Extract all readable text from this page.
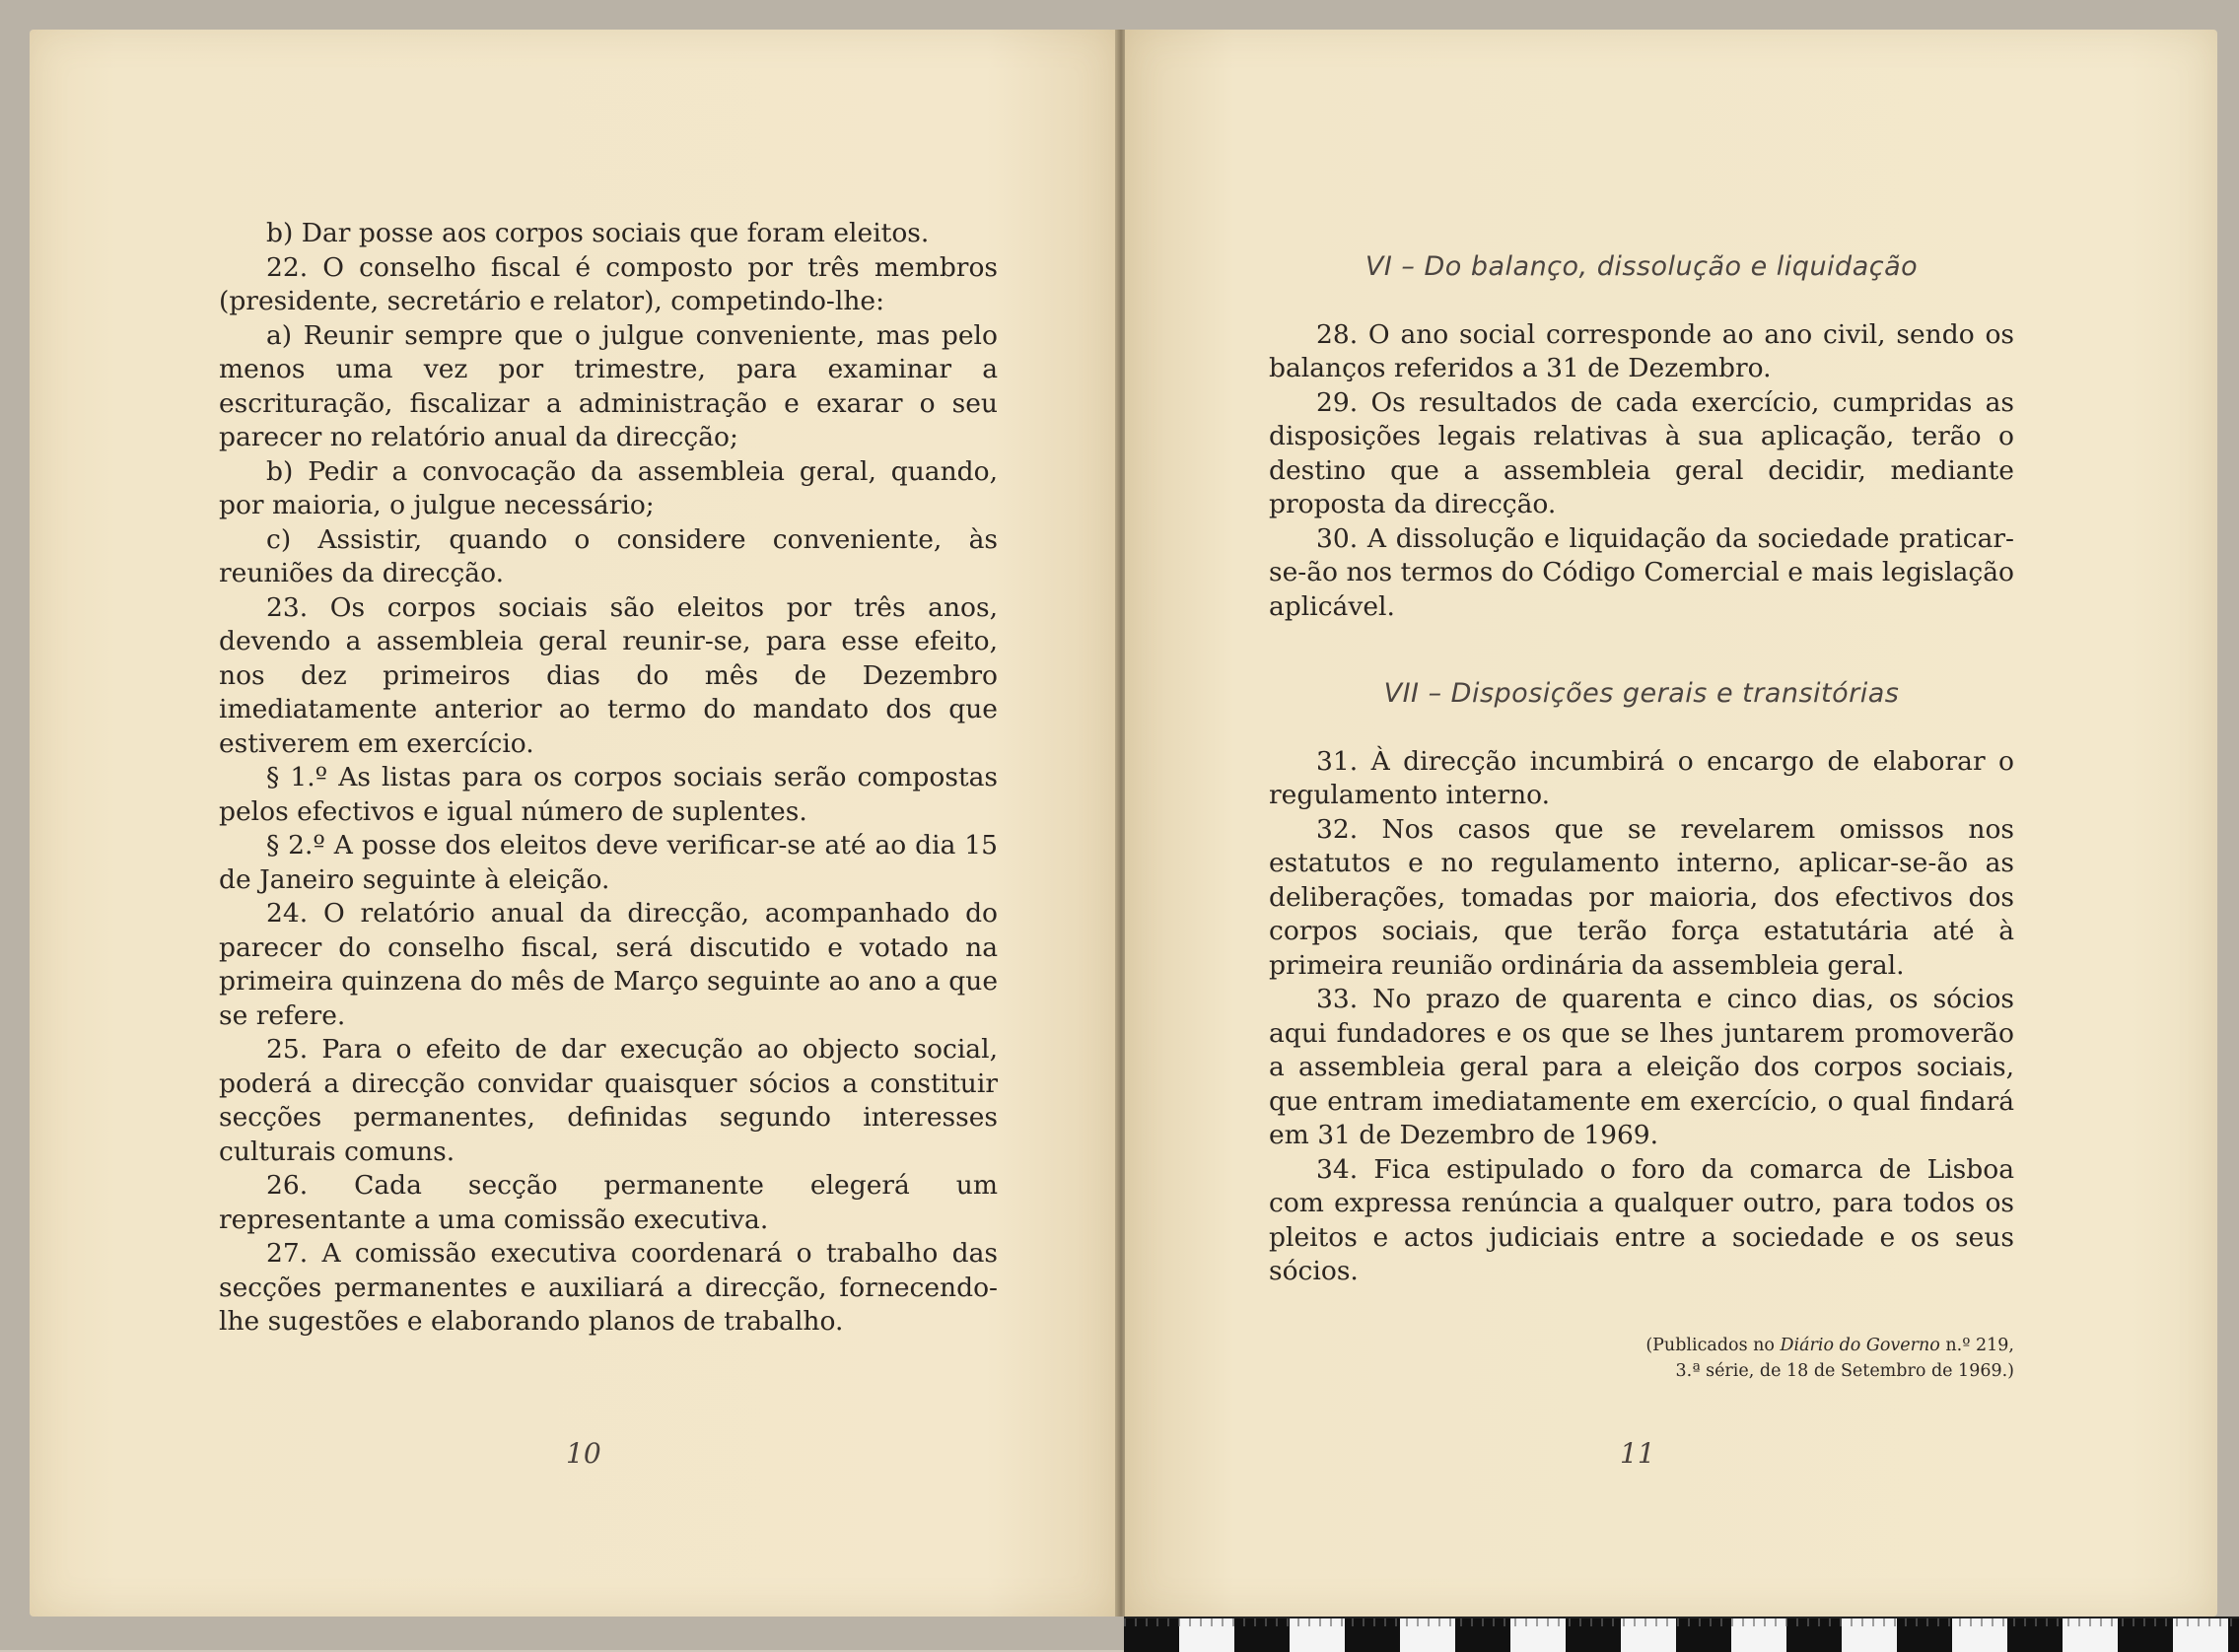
b) Dar posse aos corpos sociais que foram eleitos.

22. O conselho fiscal é composto por três membros (presidente, secretário e relator), competindo-lhe:

a) Reunir sempre que o julgue conveniente, mas pelo menos uma vez por trimestre, para examinar a escrituração, fiscalizar a administração e exarar o seu parecer no relatório anual da direcção;

b) Pedir a convocação da assembleia geral, quando, por maioria, o julgue necessário;

c) Assistir, quando o considere conveniente, às reuniões da direcção.

23. Os corpos sociais são eleitos por três anos, devendo a assembleia geral reunir-se, para esse efeito, nos dez primeiros dias do mês de Dezembro imediatamente anterior ao termo do mandato dos que estiverem em exercício.

§ 1.º As listas para os corpos sociais serão compostas pelos efectivos e igual número de suplentes.

§ 2.º A posse dos eleitos deve verificar-se até ao dia 15 de Janeiro seguinte à eleição.

24. O relatório anual da direcção, acompanhado do parecer do conselho fiscal, será discutido e votado na primeira quinzena do mês de Março seguinte ao ano a que se refere.

25. Para o efeito de dar execução ao objecto social, poderá a direcção convidar quaisquer sócios a constituir secções permanentes, definidas segundo interesses culturais comuns.

26. Cada secção permanente elegerá um representante a uma comissão executiva.

27. A comissão executiva coordenará o trabalho das secções permanentes e auxiliará a direcção, fornecendo-lhe sugestões e elaborando planos de trabalho.

10
VI – Do balanço, dissolução e liquidação

28. O ano social corresponde ao ano civil, sendo os balanços referidos a 31 de Dezembro.

29. Os resultados de cada exercício, cumpridas as disposições legais relativas à sua aplicação, terão o destino que a assembleia geral decidir, mediante proposta da direcção.

30. A dissolução e liquidação da sociedade praticar-se-ão nos termos do Código Comercial e mais legislação aplicável.

VII – Disposições gerais e transitórias

31. À direcção incumbirá o encargo de elaborar o regulamento interno.

32. Nos casos que se revelarem omissos nos estatutos e no regulamento interno, aplicar-se-ão as deliberações, tomadas por maioria, dos efectivos dos corpos sociais, que terão força estatutária até à primeira reunião ordinária da assembleia geral.

33. No prazo de quarenta e cinco dias, os sócios aqui fundadores e os que se lhes juntarem promoverão a assembleia geral para a eleição dos corpos sociais, que entram imediatamente em exercício, o qual findará em 31 de Dezembro de 1969.

34. Fica estipulado o foro da comarca de Lisboa com expressa renúncia a qualquer outro, para todos os pleitos e actos judiciais entre a sociedade e os seus sócios.

(Publicados no Diário do Governo n.º 219,
3.ª série, de 18 de Setembro de 1969.)
11
